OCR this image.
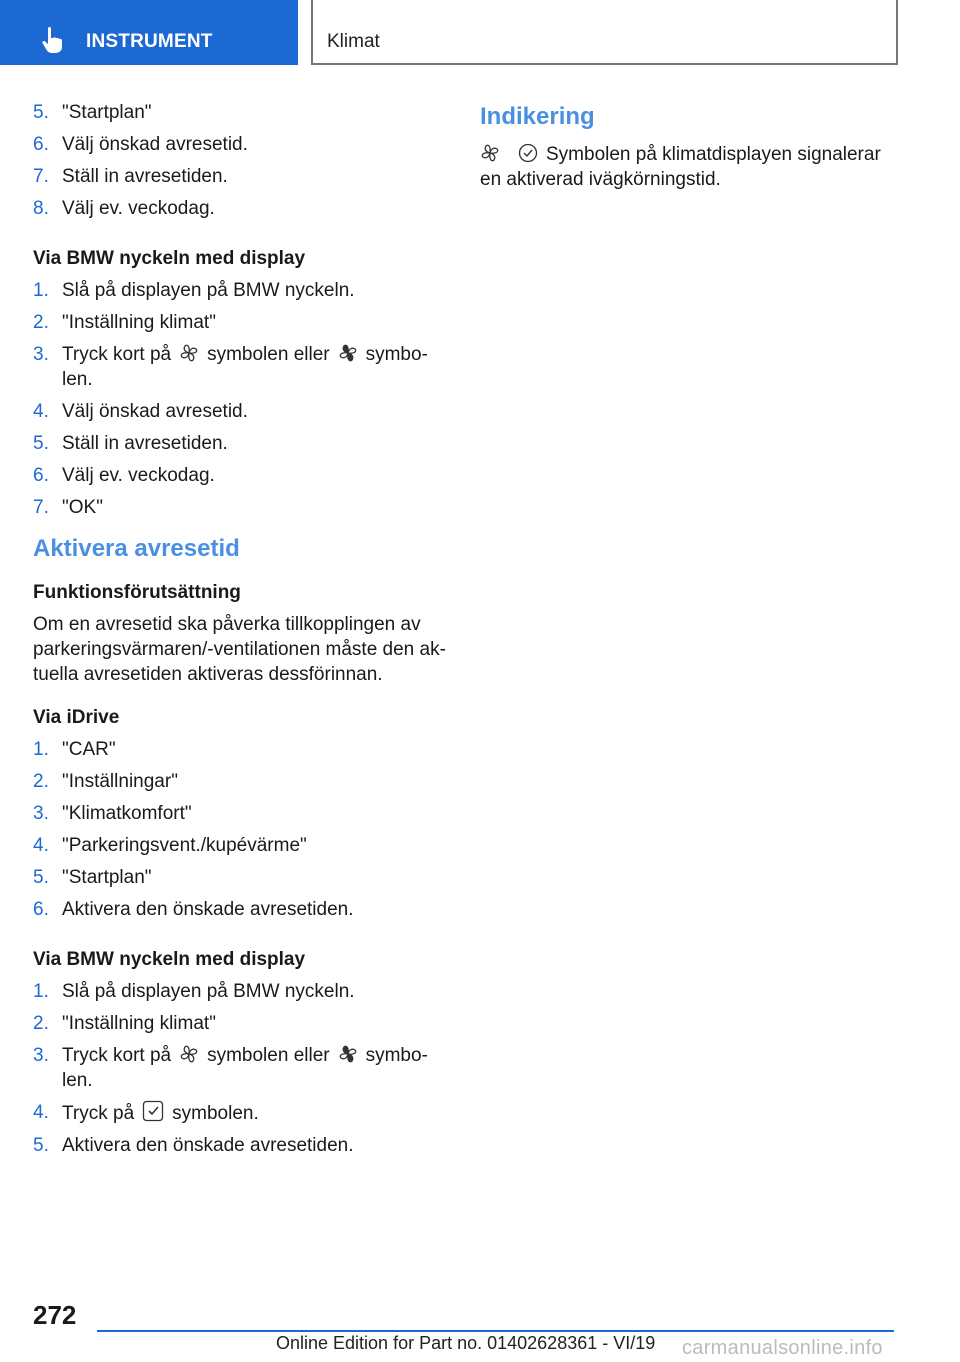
INSTRUMENT	Klimat
5. "Startplan"
6. Välj önskad avresetid.
7. Ställ in avresetiden.
8. Välj ev. veckodag.
Via BMW nyckeln med display
1. Slå på displayen på BMW nyckeln.
2. "Inställning klimat"
3. Tryck kort på symbolen eller symbo-
len.
4. Välj önskad avresetid.
5. Ställ in avresetiden.
6. Välj ev. veckodag.
7. "OK"
Aktivera avresetid
Funktionsförutsättning

Om en avresetid ska påverka tillkopplingen av parkeringsvärmaren/-ventilationen måste den ak- tuella avresetiden aktiveras dessförinnan.

Via iDrive
1. "CAR"
2. "Inställningar"
3. "Klimatkomfort"
4. "Parkeringsvent./kupévärme"
5. "Startplan"
6. Aktivera den önskade avresetiden.
Via BMW nyckeln med display
1. Slå på displayen på BMW nyckeln.
2. "Inställning klimat"
3. Tryck kort på symbolen eller symbo-
len.
4. Tryck på symbolen.
5. Aktivera den önskade avresetiden.
Indikering

Symbolen på klimatdisplayen signalerar
en aktiverad ivägkörningstid.

272
Online Edition for Part no. 01402628361 - VI/19 carmanualsonline.info
